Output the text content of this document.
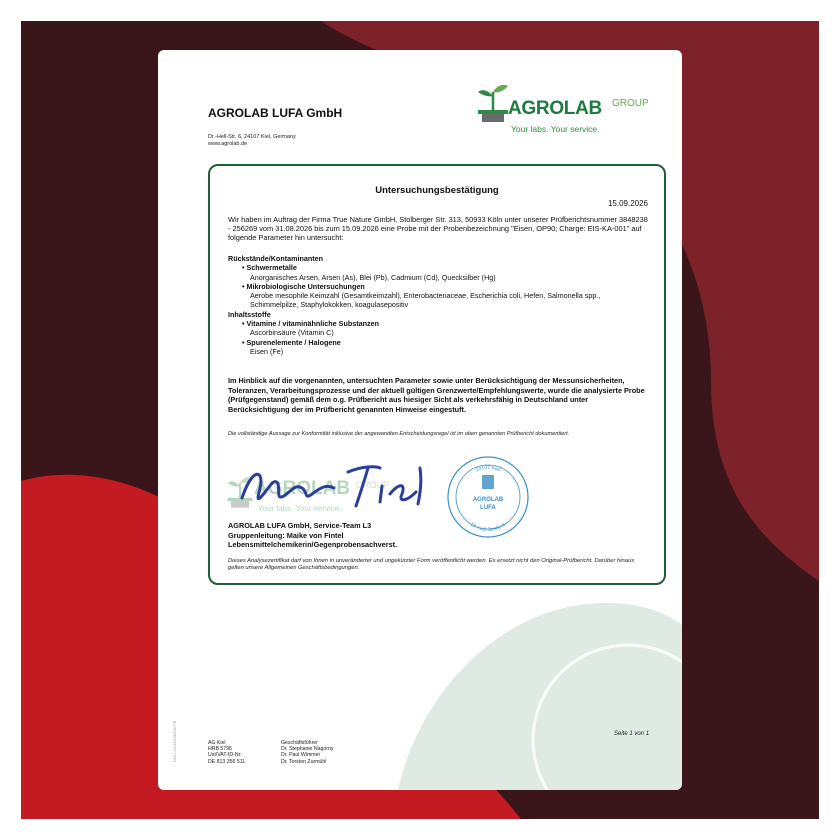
AGROLAB LUFA GmbH
Dr.-Hell-Str. 6, 24107 Kiel, Germany
www.agrolab.de
AGROLAB GROUP
Your labs. Your service.
Untersuchungsbestätigung
15.09.2026
Wir haben im Auftrag der Firma True Nature GmbH, Stolberger Str. 313, 50933 Köln unter unserer Prüfberichtsnummer 3848238 - 256269 vom 31.08.2026 bis zum 15.09.2026 eine Probe mit der Probenbezeichnung "Eisen, OP90; Charge: EIS-KA-001" auf folgende Parameter hin untersucht:
Rückstände/Kontaminanten
• Schwermetalle
Anorganisches Arsen, Arsen (As), Blei (Pb), Cadmium (Cd), Quecksilber (Hg)
• Mikrobiologische Untersuchungen
Aerobe mesophile Keimzahl (Gesamtkeimzahl), Enterobacteriaceae, Escherichia coli, Hefen, Salmonella spp., Schimmelpilze, Staphylokokken, koagulasepositiv
Inhaltsstoffe
• Vitamine / vitaminähnliche Substanzen
Ascorbinsäure (Vitamin C)
• Spurenelemente / Halogene
Eisen (Fe)
Im Hinblick auf die vorgenannten, untersuchten Parameter sowie unter Berücksichtigung der Messunsicherheiten, Toleranzen, Verarbeitungsprozesse und der aktuell gültigen Grenzwerte/Empfehlungswerte, wurde die analysierte Probe (Prüfgegenstand) gemäß dem o.g. Prüfbericht aus hiesiger Sicht als verkehrsfähig in Deutschland unter Berücksichtigung der im Prüfbericht genannten Hinweise eingestuft.
Die vollständige Aussage zur Konformität inklusive der angewandten Entscheidungsregel ist im oben genannten Prüfbericht dokumentiert.
AGROLAB GROUP
Your labs. Your service.
24107 Kiel
AGROLAB
LUFA
Dr.-Hell-Straße 6
AGROLAB LUFA GmbH, Service-Team L3
Gruppenleitung: Maike von Fintel
Lebensmittelchemikerin/Gegenprobensachverst.
Dieses Analysezertifikat darf von Ihnen in unveränderter und ungekürzter Form veröffentlicht werden. Es ersetzt nicht den Original-Prüfbericht. Darüber hinaus gelten unsere Allgemeinen Geschäftsbedingungen.
DOC-13-24DS8436-FE	Seite 1 von 1
AG Kiel
HRB 5796
Ust/VAT-ID-Nr:
DE 813 356 511
Geschäftsführer
Dr. Stephanie Nagorny
Dr. Paul Wimmer
Dr. Torsten Zurmühl
